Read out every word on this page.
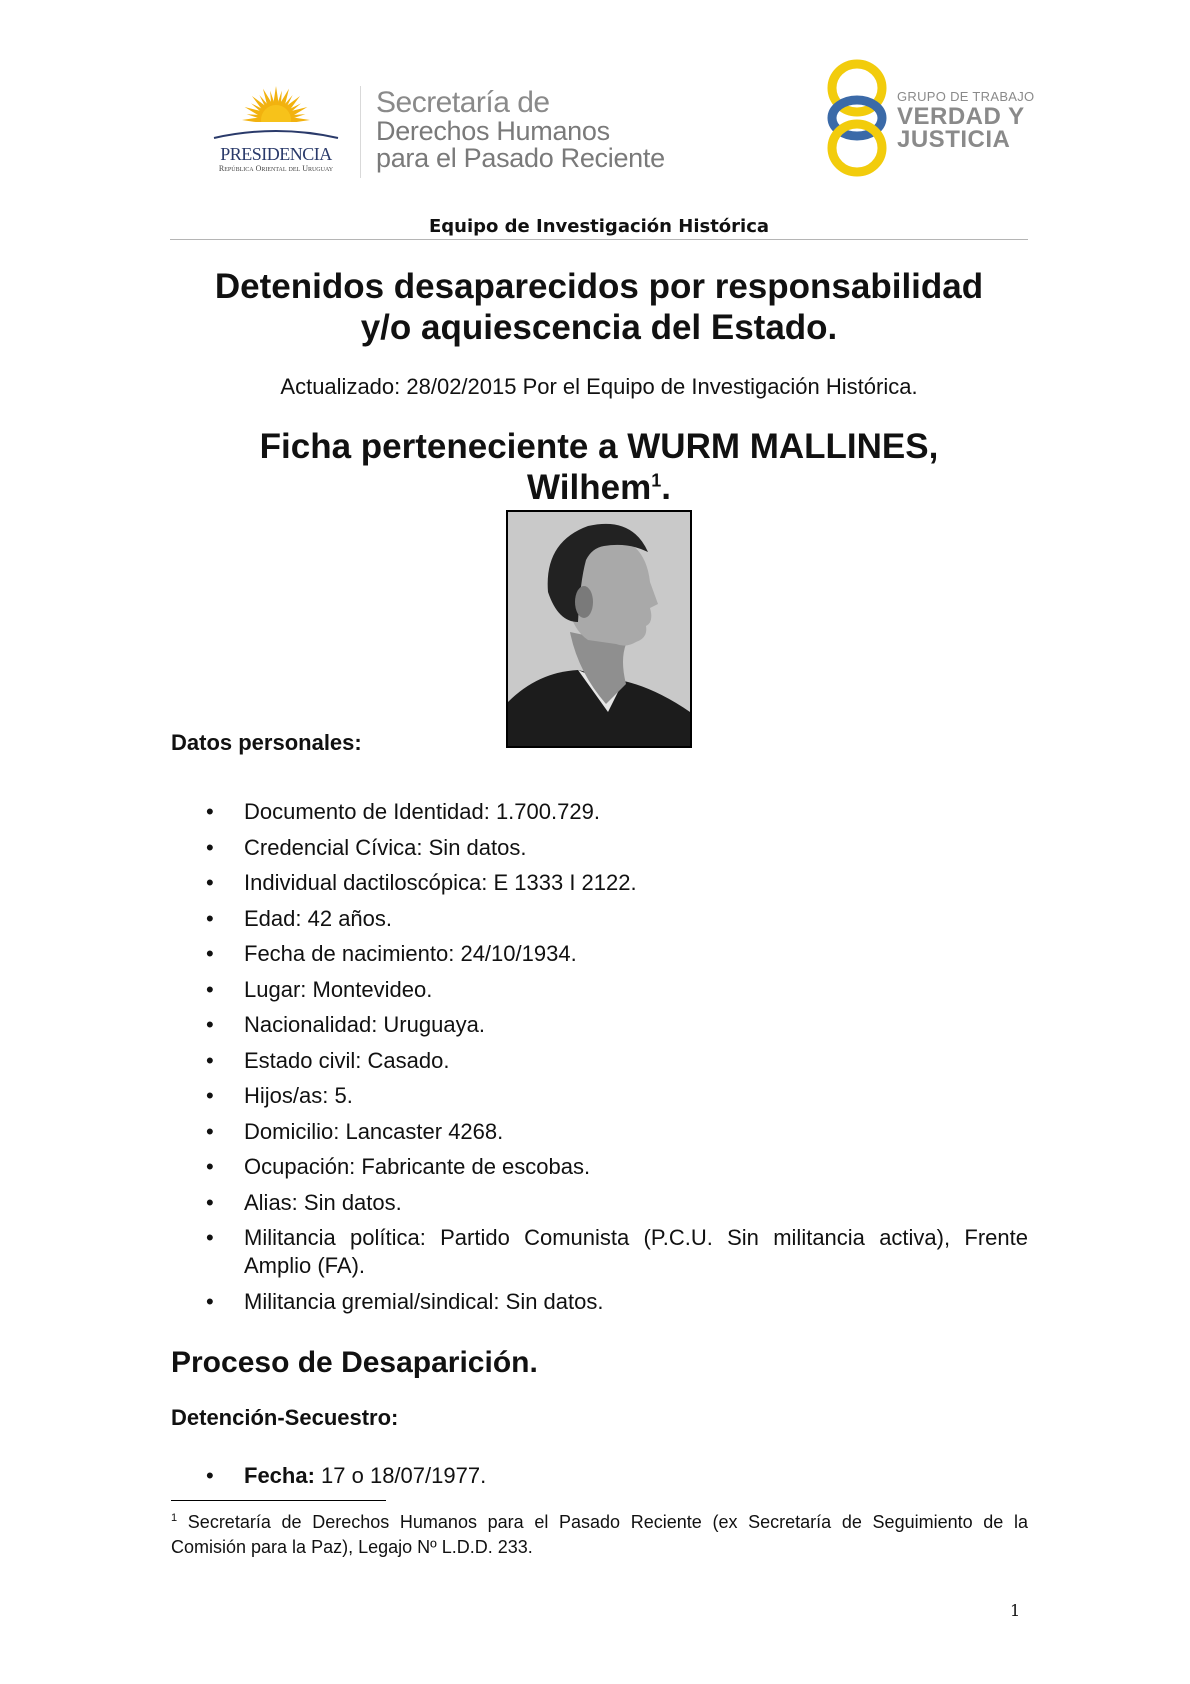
PRESIDENCIA
República Oriental del Uruguay
Secretaría de
Derechos Humanos
para el Pasado Reciente
GRUPO DE TRABAJO
VERDAD Y
JUSTICIA
Equipo de Investigación Histórica
Detenidos desaparecidos por responsabilidad
y/o aquiescencia del Estado.
Actualizado: 28/02/2015 Por el Equipo de Investigación Histórica.
Ficha perteneciente a WURM MALLINES,
Wilhem$^1$.
Datos personales:
• Documento de Identidad: 1.700.729.
• Credencial Cívica: Sin datos.
• Individual dactiloscópica: E 1333 I 2122.
• Edad: 42 años.
• Fecha de nacimiento: 24/10/1934.
• Lugar: Montevideo.
• Nacionalidad: Uruguaya.
• Estado civil: Casado.
• Hijos/as: 5.
• Domicilio: Lancaster 4268.
• Ocupación: Fabricante de escobas.
• Alias: Sin datos.
• Militancia política: Partido Comunista (P.C.U. Sin militancia activa), Frente Amplio (FA).
• Militancia gremial/sindical: Sin datos.
Proceso de Desaparición.
Detención-Secuestro:
• Fecha: 17 o 18/07/1977.
$^1$ Secretaría de Derechos Humanos para el Pasado Reciente (ex Secretaría de Seguimiento de la Comisión para la Paz), Legajo Nº L.D.D. 233.
1
